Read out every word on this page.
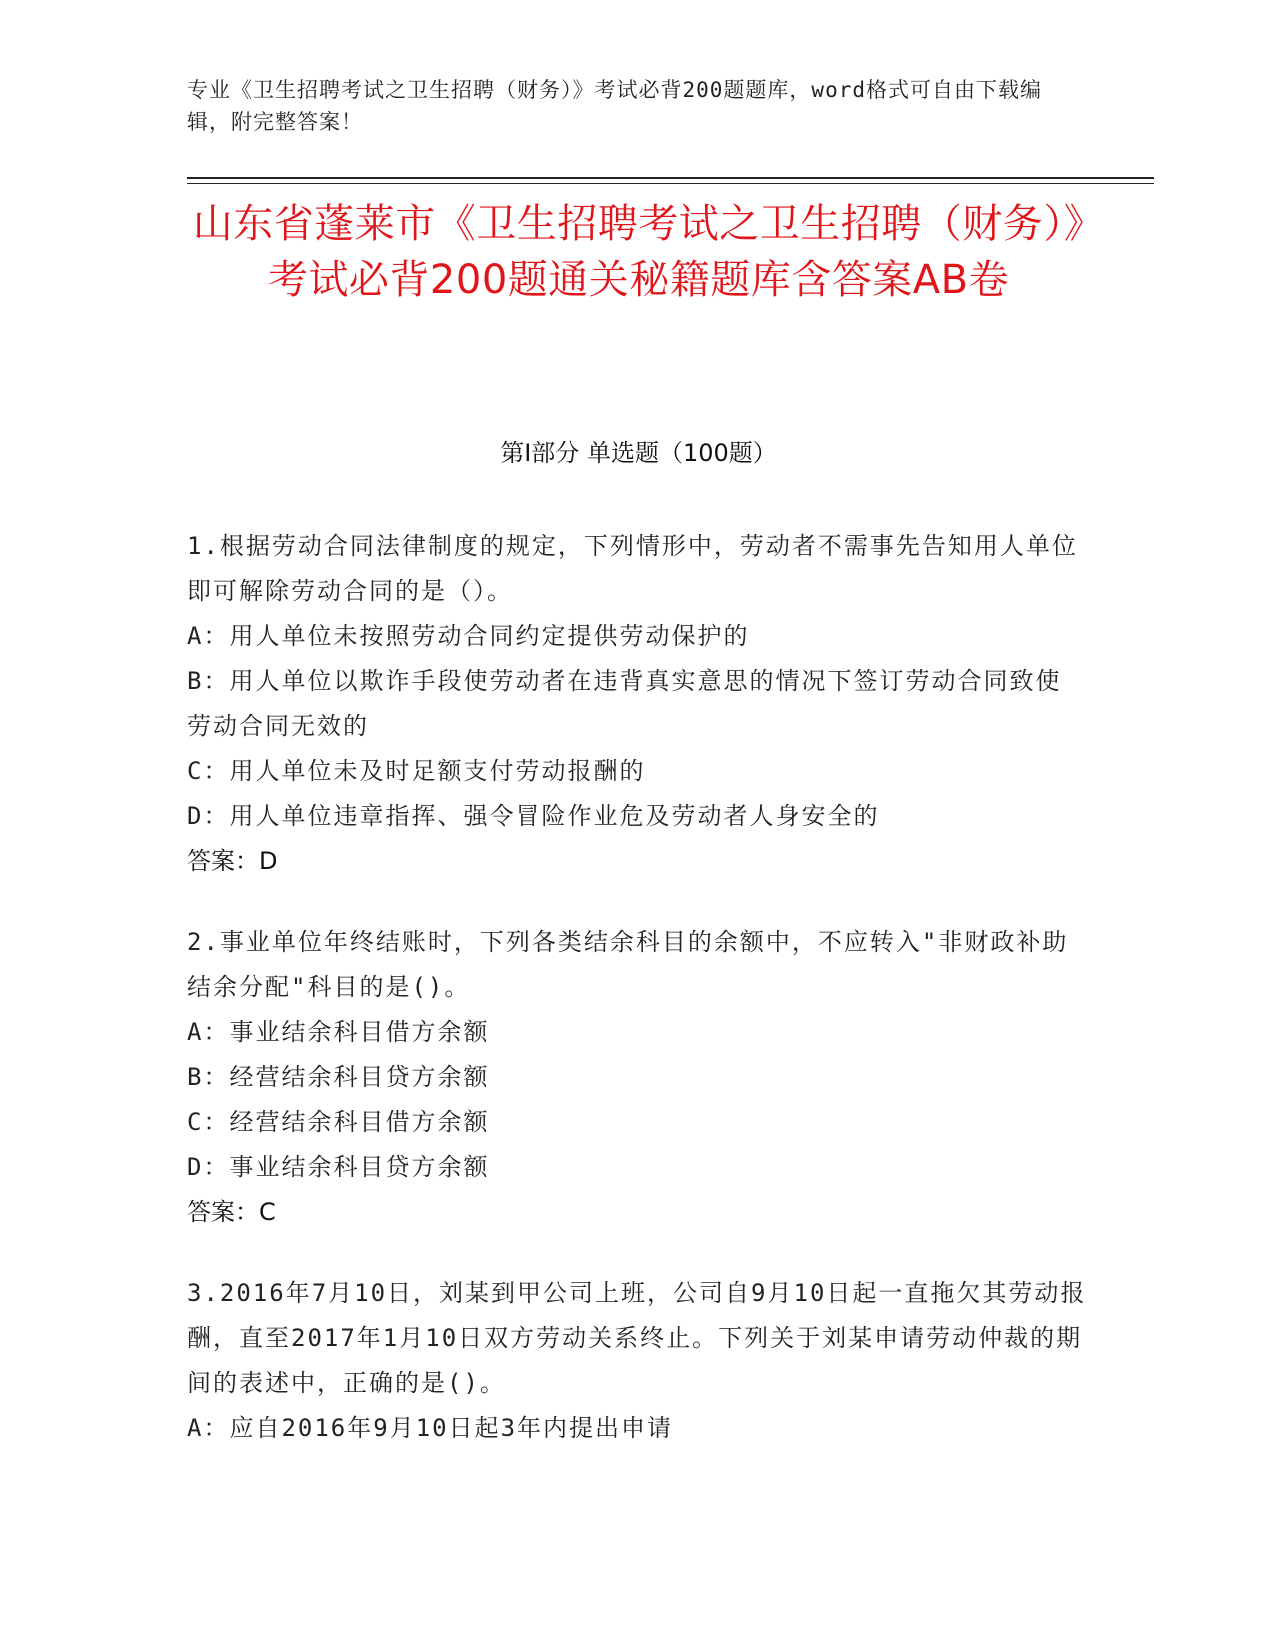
专业《卫生招聘考试之卫生招聘（财务）》考试必背200题题库，word格式可自由下载编辑，附完整答案！
山东省蓬莱市《卫生招聘考试之卫生招聘（财务）》考试必背200题通关秘籍题库含答案AB卷
第I部分 单选题（100题）
1.根据劳动合同法律制度的规定，下列情形中，劳动者不需事先告知用人单位即可解除劳动合同的是（）。
A：用人单位未按照劳动合同约定提供劳动保护的
B：用人单位以欺诈手段使劳动者在违背真实意思的情况下签订劳动合同致使劳动合同无效的
C：用人单位未及时足额支付劳动报酬的
D：用人单位违章指挥、强令冒险作业危及劳动者人身安全的
答案：D
2.事业单位年终结账时，下列各类结余科目的余额中，不应转入"非财政补助结余分配"科目的是()。
A：事业结余科目借方余额
B：经营结余科目贷方余额
C：经营结余科目借方余额
D：事业结余科目贷方余额
答案：C
3.2016年7月10日，刘某到甲公司上班，公司自9月10日起一直拖欠其劳动报酬，直至2017年1月10日双方劳动关系终止。下列关于刘某申请劳动仲裁的期间的表述中，正确的是()。
A：应自2016年9月10日起3年内提出申请
